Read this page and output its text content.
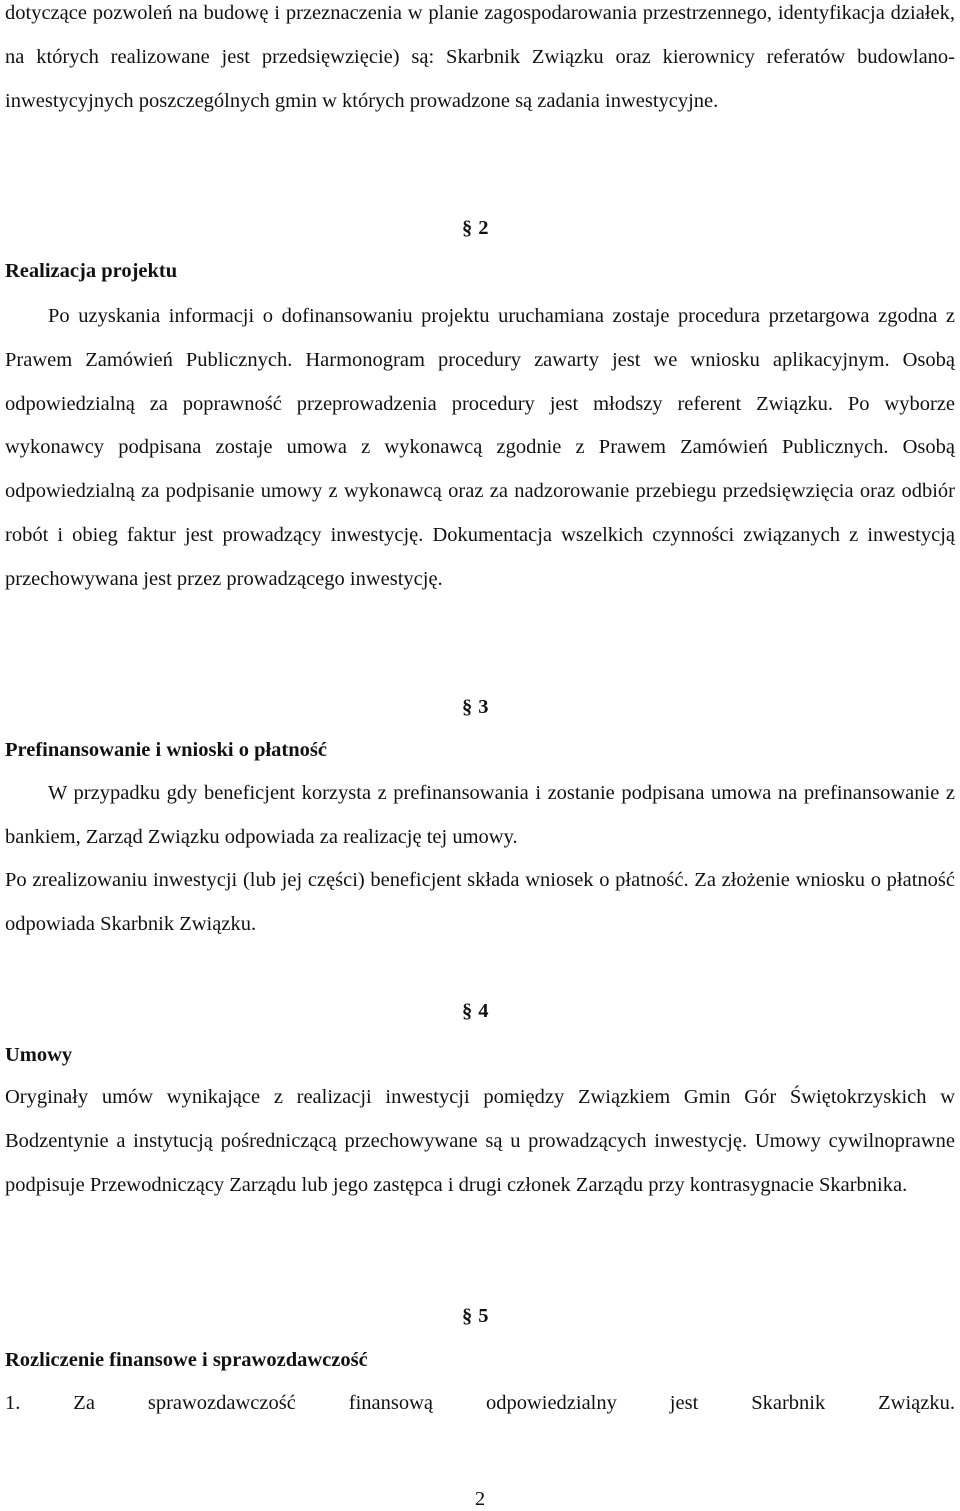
dotyczące pozwoleń na budowę i przeznaczenia w planie zagospodarowania przestrzennego, identyfikacja działek, na których realizowane jest przedsięwzięcie) są: Skarbnik Związku oraz kierownicy referatów budowlano-inwestycyjnych poszczególnych gmin w których prowadzone są zadania inwestycyjne.

§ 2

Realizacja projektu

Po uzyskania informacji o dofinansowaniu projektu uruchamiana zostaje procedura przetargowa zgodna z Prawem Zamówień Publicznych. Harmonogram procedury zawarty jest we wniosku aplikacyjnym. Osobą odpowiedzialną za poprawność przeprowadzenia procedury jest młodszy referent Związku. Po wyborze wykonawcy podpisana zostaje umowa z wykonawcą zgodnie z Prawem Zamówień Publicznych. Osobą odpowiedzialną za podpisanie umowy z wykonawcą oraz za nadzorowanie przebiegu przedsięwzięcia oraz odbiór robót i obieg faktur jest prowadzący inwestycję. Dokumentacja wszelkich czynności związanych z inwestycją przechowywana jest przez prowadzącego inwestycję.

§ 3

Prefinansowanie i wnioski o płatność

W przypadku gdy beneficjent korzysta z prefinansowania i zostanie podpisana umowa na prefinansowanie z bankiem, Zarząd Związku odpowiada za realizację tej umowy.

Po zrealizowaniu inwestycji (lub jej części) beneficjent składa wniosek o płatność. Za złożenie wniosku o płatność odpowiada Skarbnik Związku.

§ 4

Umowy

Oryginały umów wynikające z realizacji inwestycji pomiędzy Związkiem Gmin Gór Świętokrzyskich w Bodzentynie a instytucją pośredniczącą przechowywane są u prowadzących inwestycję. Umowy cywilnoprawne podpisuje Przewodniczący Zarządu lub jego zastępca i drugi członek Zarządu przy kontrasygnacie Skarbnika.

§ 5

Rozliczenie finansowe i sprawozdawczość

1. Za sprawozdawczość finansową odpowiedzialny jest Skarbnik Związku.
2
